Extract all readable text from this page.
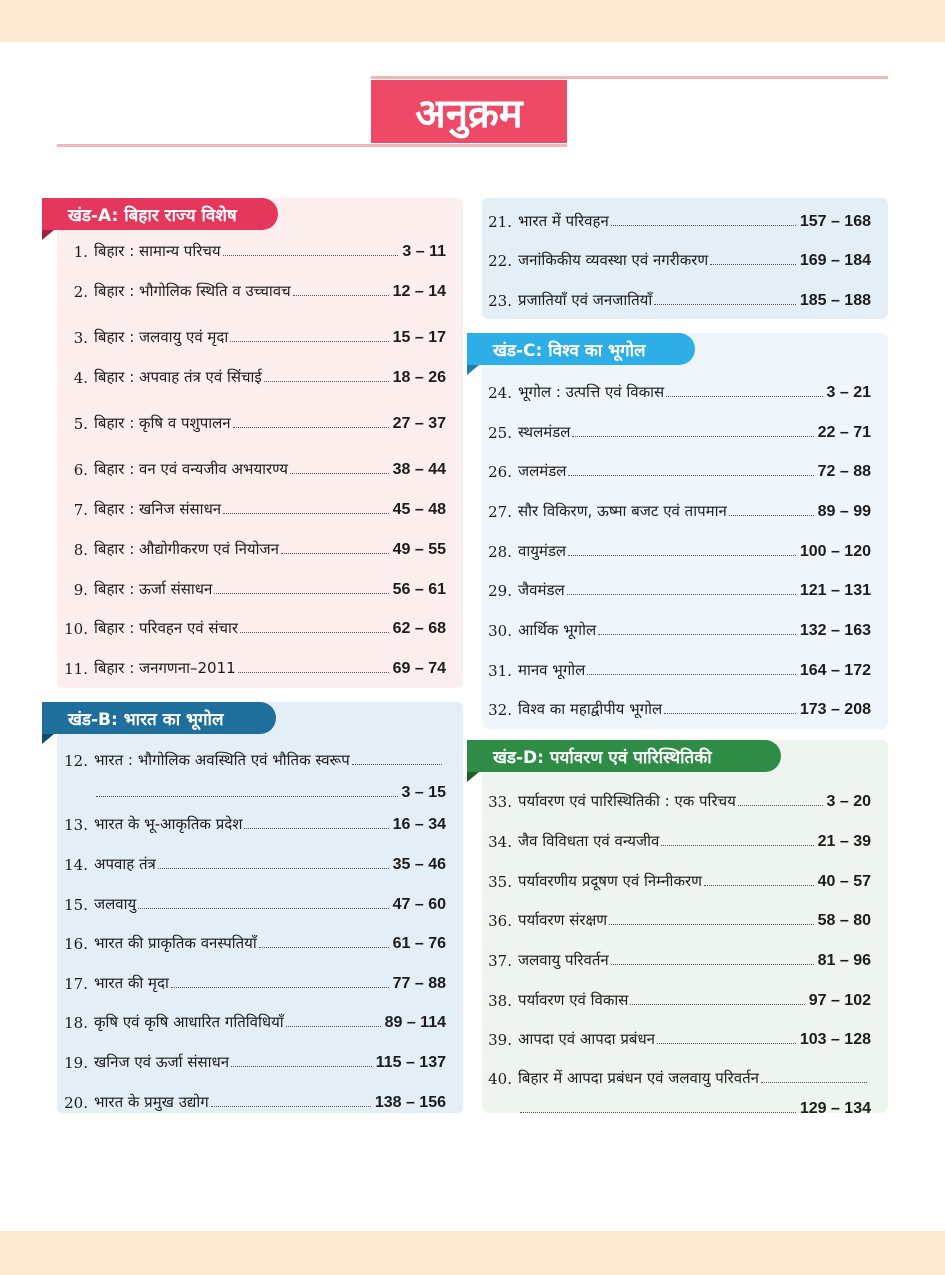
अनुक्रम
खंड-A: बिहार राज्य विशेष
खंड-B: भारत का भूगोल
खंड-C: विश्व का भूगोल
खंड-D: पर्यावरण एवं पारिस्थितिकी
1. बिहार : सामान्य परिचय	3 – 11
2. बिहार : भौगोलिक स्थिति व उच्चावच	12 – 14
3. बिहार : जलवायु एवं मृदा	15 – 17
4. बिहार : अपवाह तंत्र एवं सिंचाई	18 – 26
5. बिहार : कृषि व पशुपालन	27 – 37
6. बिहार : वन एवं वन्यजीव अभयारण्य	38 – 44
7. बिहार : खनिज संसाधन	45 – 48
8. बिहार : औद्योगीकरण एवं नियोजन	49 – 55
9. बिहार : ऊर्जा संसाधन	56 – 61
10. बिहार : परिवहन एवं संचार	62 – 68
11. बिहार : जनगणना–2011	69 – 74
12. भारत : भौगोलिक अवस्थिति एवं भौतिक स्वरूप
3 – 15
13. भारत के भू-आकृतिक प्रदेश	16 – 34
14. अपवाह तंत्र	35 – 46
15. जलवायु	47 – 60
16. भारत की प्राकृतिक वनस्पतियाँ	61 – 76
17. भारत की मृदा	77 – 88
18. कृषि एवं कृषि आधारित गतिविधियाँ	89 – 114
19. खनिज एवं ऊर्जा संसाधन	115 – 137
20. भारत के प्रमुख उद्योग	138 – 156
21. भारत में परिवहन	157 – 168
22. जनांकिकीय व्यवस्था एवं नगरीकरण	169 – 184
23. प्रजातियाँ एवं जनजातियाँ	185 – 188
24. भूगोल : उत्पत्ति एवं विकास	3 – 21
25. स्थलमंडल	22 – 71
26. जलमंडल	72 – 88
27. सौर विकिरण, ऊष्मा बजट एवं तापमान	89 – 99
28. वायुमंडल	100 – 120
29. जैवमंडल	121 – 131
30. आर्थिक भूगोल	132 – 163
31. मानव भूगोल	164 – 172
32. विश्व का महाद्वीपीय भूगोल	173 – 208
33. पर्यावरण एवं पारिस्थितिकी : एक परिचय	3 – 20
34. जैव विविधता एवं वन्यजीव	21 – 39
35. पर्यावरणीय प्रदूषण एवं निम्नीकरण	40 – 57
36. पर्यावरण संरक्षण	58 – 80
37. जलवायु परिवर्तन	81 – 96
38. पर्यावरण एवं विकास	97 – 102
39. आपदा एवं आपदा प्रबंधन	103 – 128
40. बिहार में आपदा प्रबंधन एवं जलवायु परिवर्तन
129 – 134
